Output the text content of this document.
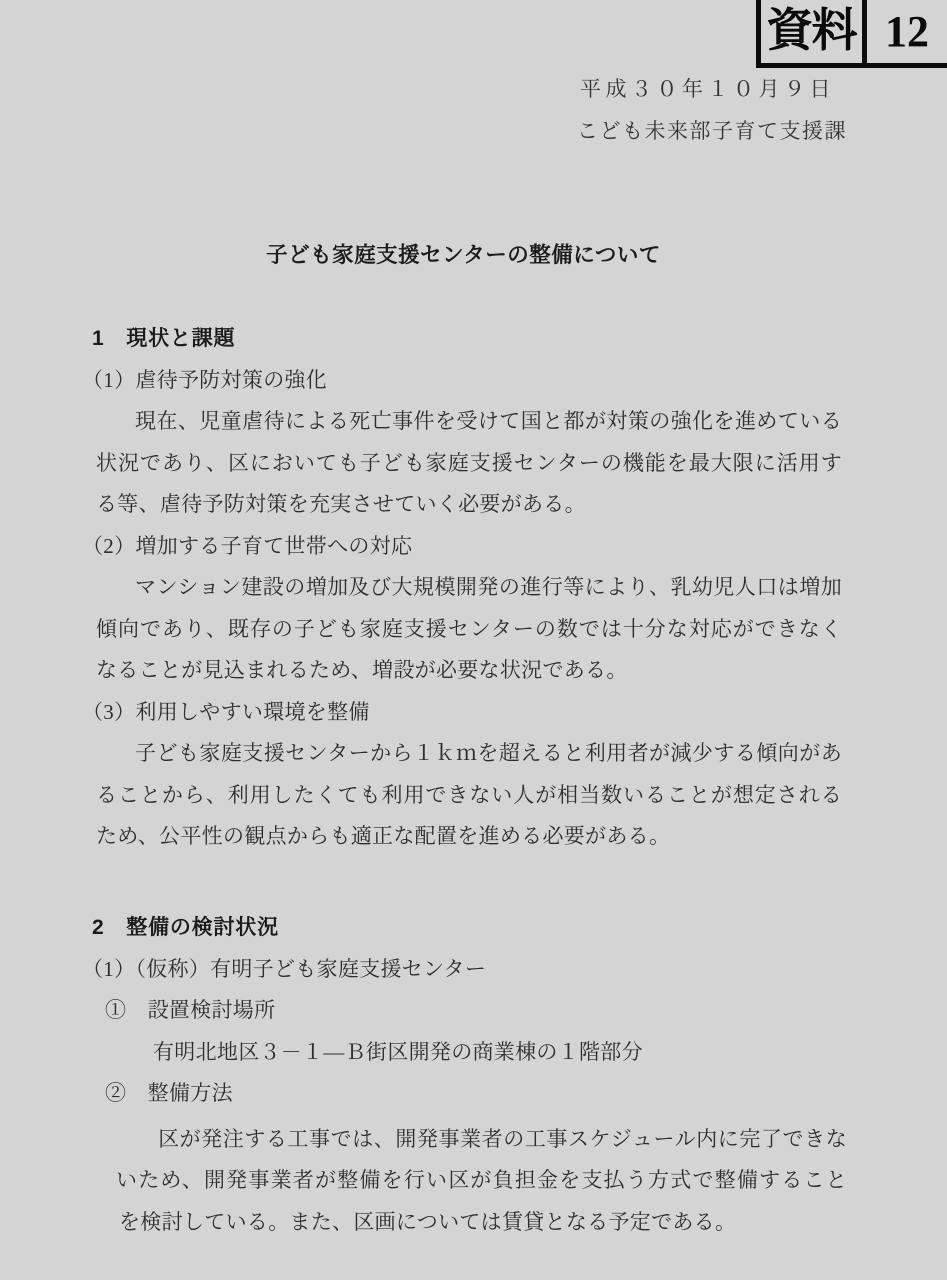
資料 12
平成３０年１０月９日
こども未来部子育て支援課
子ども家庭支援センターの整備について
1　現状と課題
（1）虐待予防対策の強化
現在、児童虐待による死亡事件を受けて国と都が対策の強化を進めている
状況であり、区においても子ども家庭支援センターの機能を最大限に活用す
る等、虐待予防対策を充実させていく必要がある。
（2）増加する子育て世帯への対応
マンション建設の増加及び大規模開発の進行等により、乳幼児人口は増加
傾向であり、既存の子ども家庭支援センターの数では十分な対応ができなく
なることが見込まれるため、増設が必要な状況である。
（3）利用しやすい環境を整備
子ども家庭支援センターから１ｋｍを超えると利用者が減少する傾向があ
ることから、利用したくても利用できない人が相当数いることが想定される
ため、公平性の観点からも適正な配置を進める必要がある。
2　整備の検討状況
（1）（仮称）有明子ども家庭支援センター
①　設置検討場所
有明北地区３－１―Ｂ街区開発の商業棟の１階部分
②　整備方法
区が発注する工事では、開発事業者の工事スケジュール内に完了できな
いため、開発事業者が整備を行い区が負担金を支払う方式で整備すること
を検討している。また、区画については賃貸となる予定である。
